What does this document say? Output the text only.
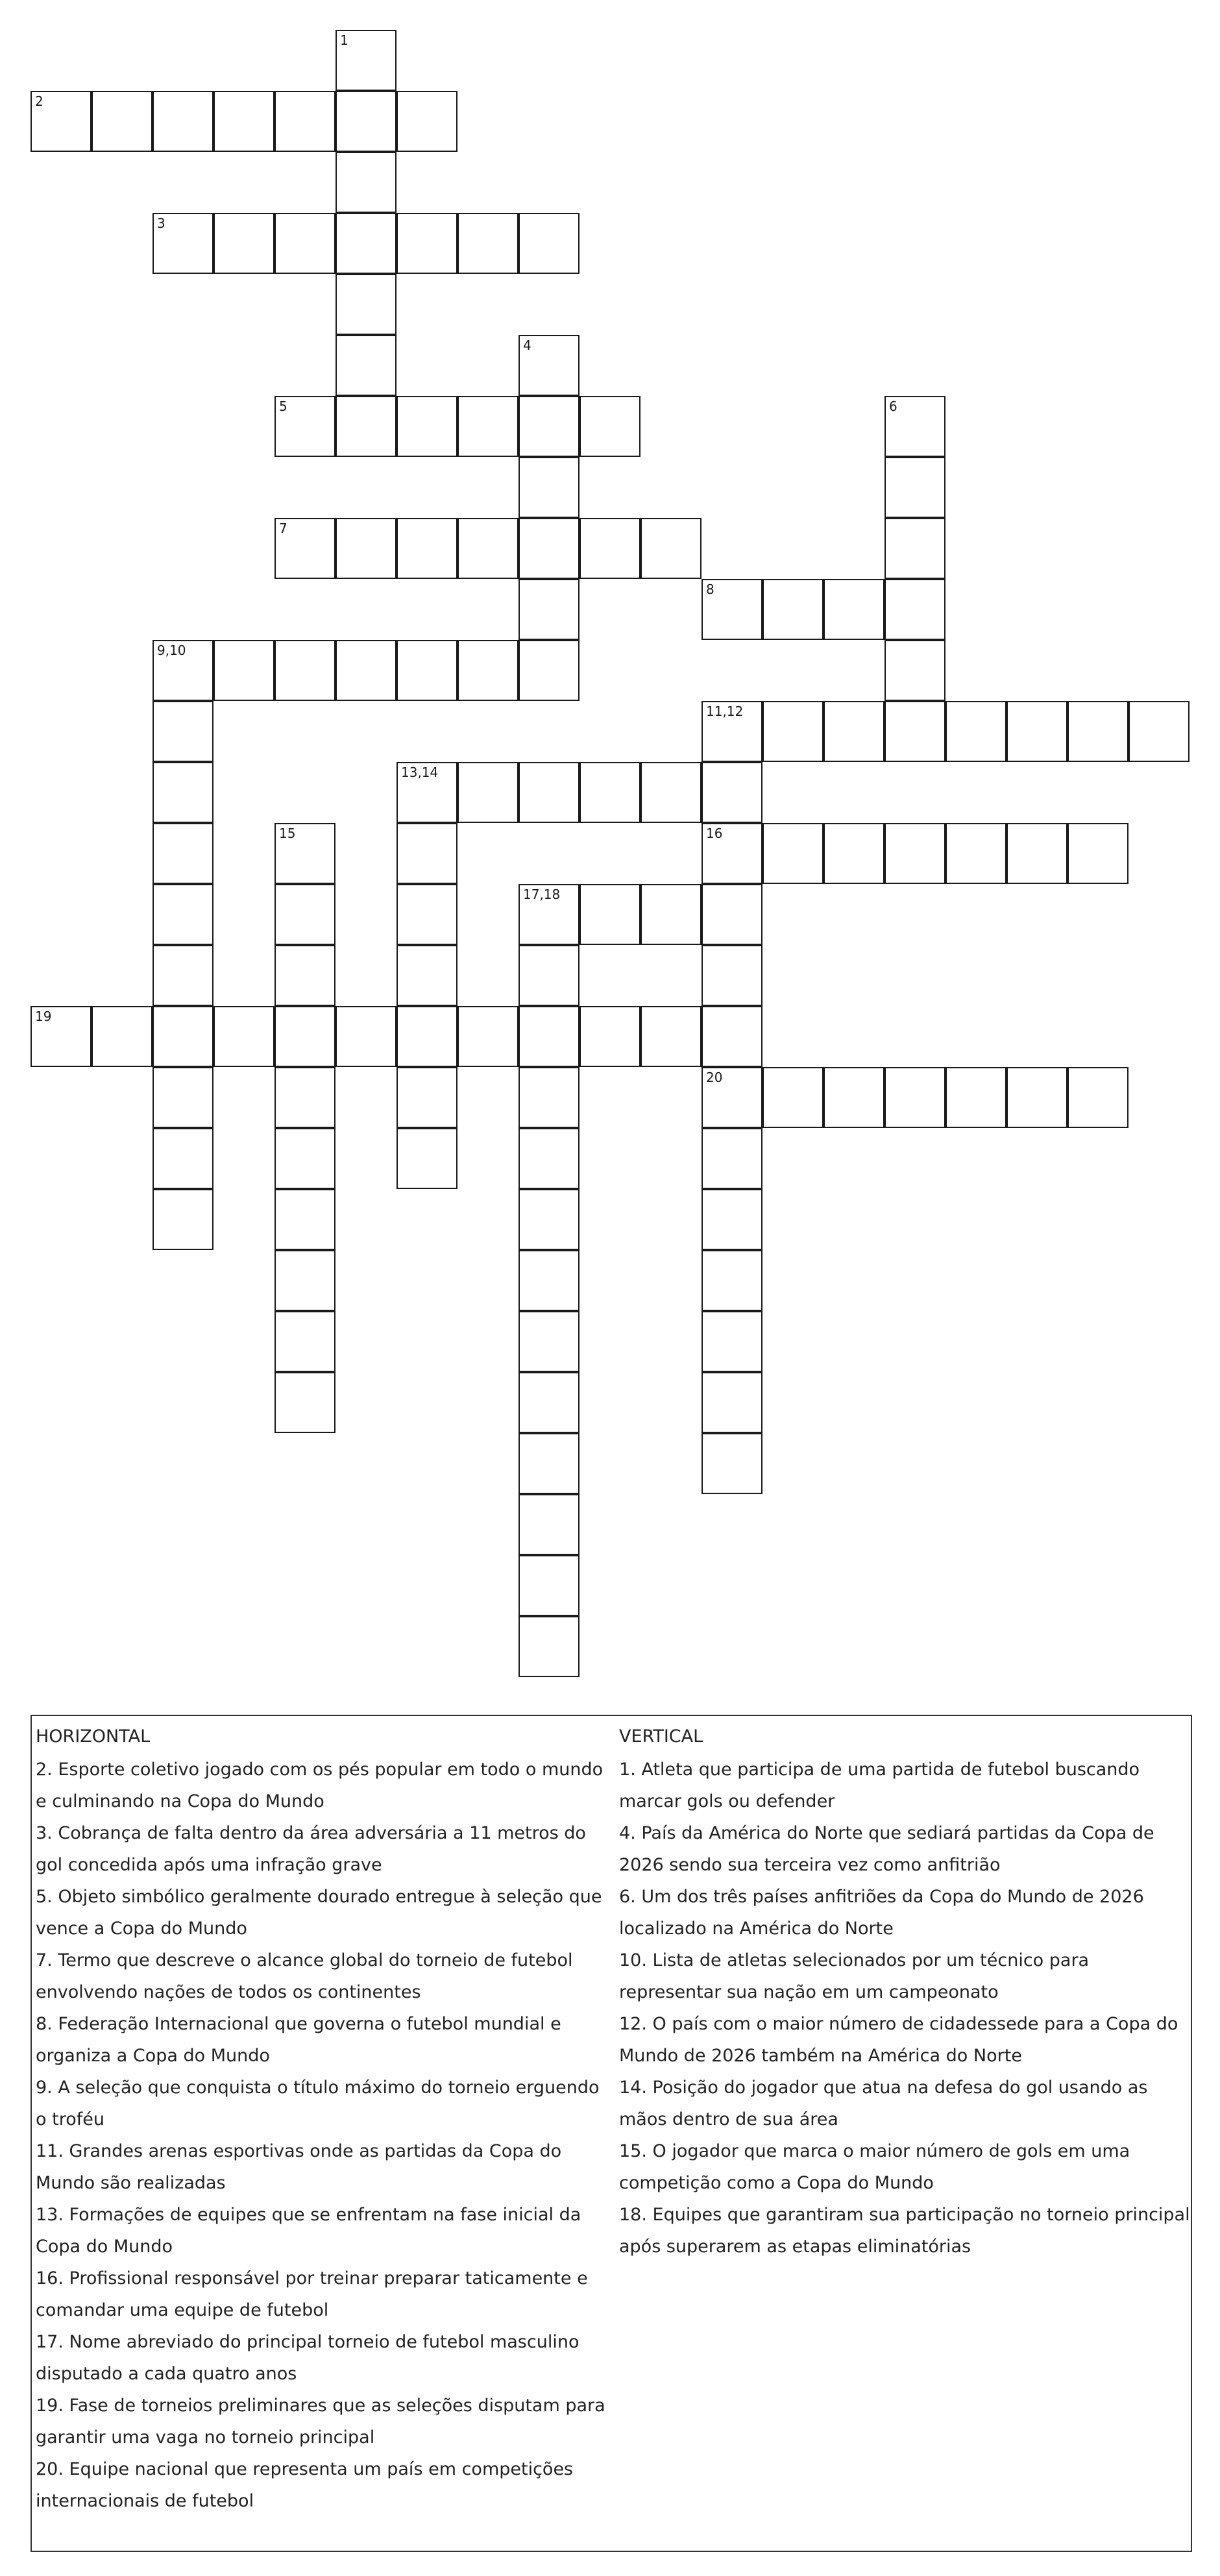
2
3
5
7
8
9,10
11,12
13,14
16
17,18
19
20
1
4
6
15
HORIZONTAL

2. Esporte coletivo jogado com os pés popular em todo o mundo e culminando na Copa do Mundo

3. Cobrança de falta dentro da área adversária a 11 metros do gol concedida após uma infração grave

5. Objeto simbólico geralmente dourado entregue à seleção que vence a Copa do Mundo

7. Termo que descreve o alcance global do torneio de futebol envolvendo nações de todos os continentes

8. Federação Internacional que governa o futebol mundial e organiza a Copa do Mundo

9. A seleção que conquista o título máximo do torneio erguendo o troféu

11. Grandes arenas esportivas onde as partidas da Copa do Mundo são realizadas

13. Formações de equipes que se enfrentam na fase inicial da Copa do Mundo

16. Profissional responsável por treinar preparar taticamente e comandar uma equipe de futebol

17. Nome abreviado do principal torneio de futebol masculino disputado a cada quatro anos

19. Fase de torneios preliminares que as seleções disputam para garantir uma vaga no torneio principal

20. Equipe nacional que representa um país em competições internacionais de futebol

VERTICAL

1. Atleta que participa de uma partida de futebol buscando marcar gols ou defender

4. País da América do Norte que sediará partidas da Copa de 2026 sendo sua terceira vez como anfitrião

6. Um dos três países anfitriões da Copa do Mundo de 2026 localizado na América do Norte

10. Lista de atletas selecionados por um técnico para representar sua nação em um campeonato

12. O país com o maior número de cidadessede para a Copa do Mundo de 2026 também na América do Norte

14. Posição do jogador que atua na defesa do gol usando as mãos dentro de sua área

15. O jogador que marca o maior número de gols em uma competição como a Copa do Mundo

18. Equipes que garantiram sua participação no torneio principal após superarem as etapas eliminatórias
